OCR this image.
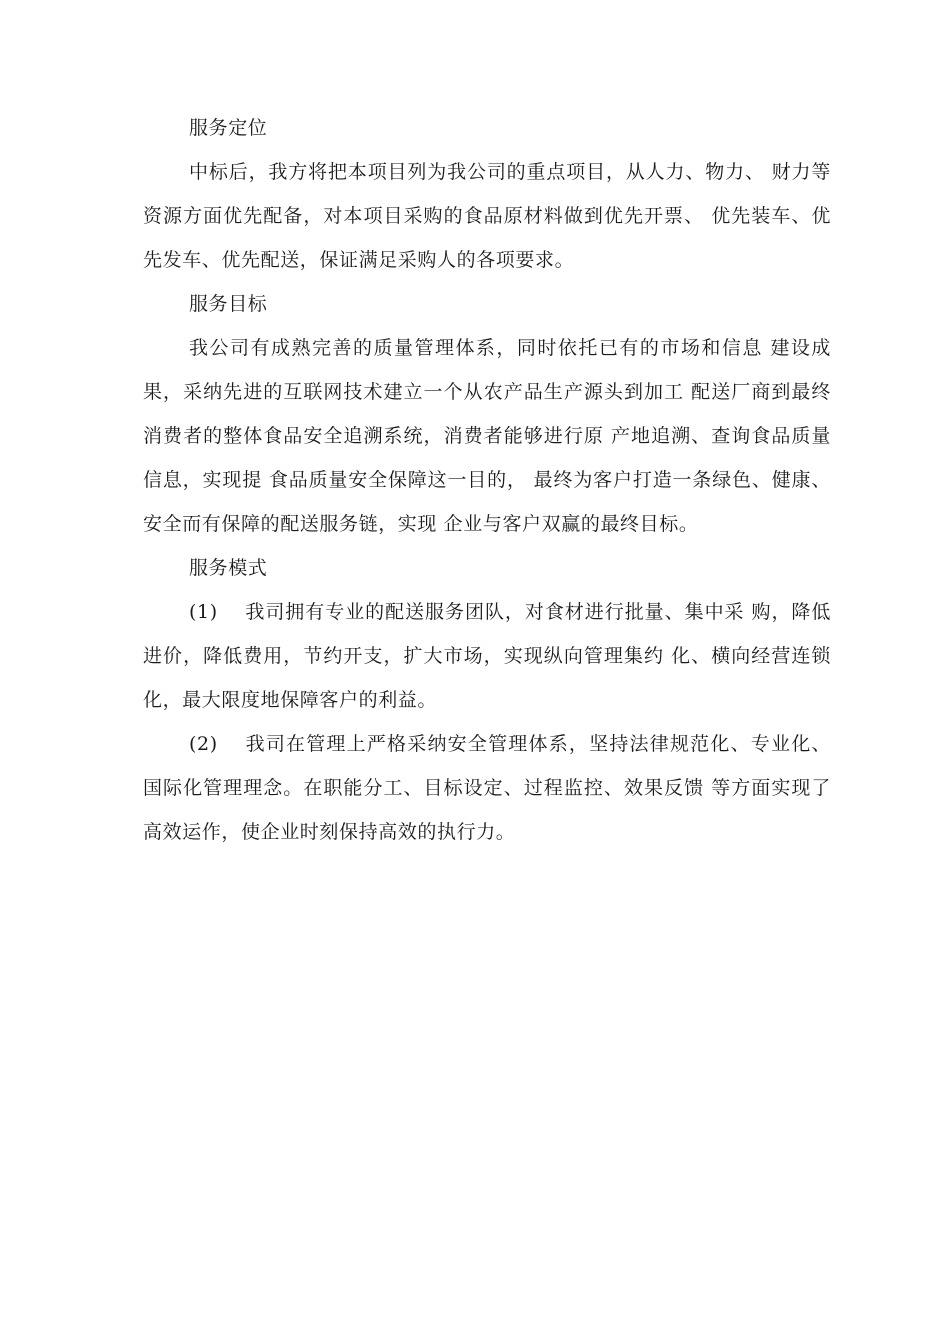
服务定位

中标后，我方将把本项目列为我公司的重点项目，从人力、物力、 财力等资源方面优先配备，对本项目采购的食品原材料做到优先开票、 优先装车、优先发车、优先配送，保证满足采购人的各项要求。

服务目标

我公司有成熟完善的质量管理体系，同时依托已有的市场和信息 建设成果，采纳先进的互联网技术建立一个从农产品生产源头到加工 配送厂商到最终消费者的整体食品安全追溯系统，消费者能够进行原 产地追溯、查询食品质量信息，实现提 食品质量安全保障这一目的， 最终为客户打造一条绿色、健康、安全而有保障的配送服务链，实现 企业与客户双赢的最终目标。

服务模式

(1) 我司拥有专业的配送服务团队，对食材进行批量、集中采 购，降低进价，降低费用，节约开支，扩大市场，实现纵向管理集约 化、横向经营连锁化，最大限度地保障客户的利益。

(2) 我司在管理上严格采纳安全管理体系，坚持法律规范化、专业化、国际化管理理念。在职能分工、目标设定、过程监控、效果反馈 等方面实现了高效运作，使企业时刻保持高效的执行力。
